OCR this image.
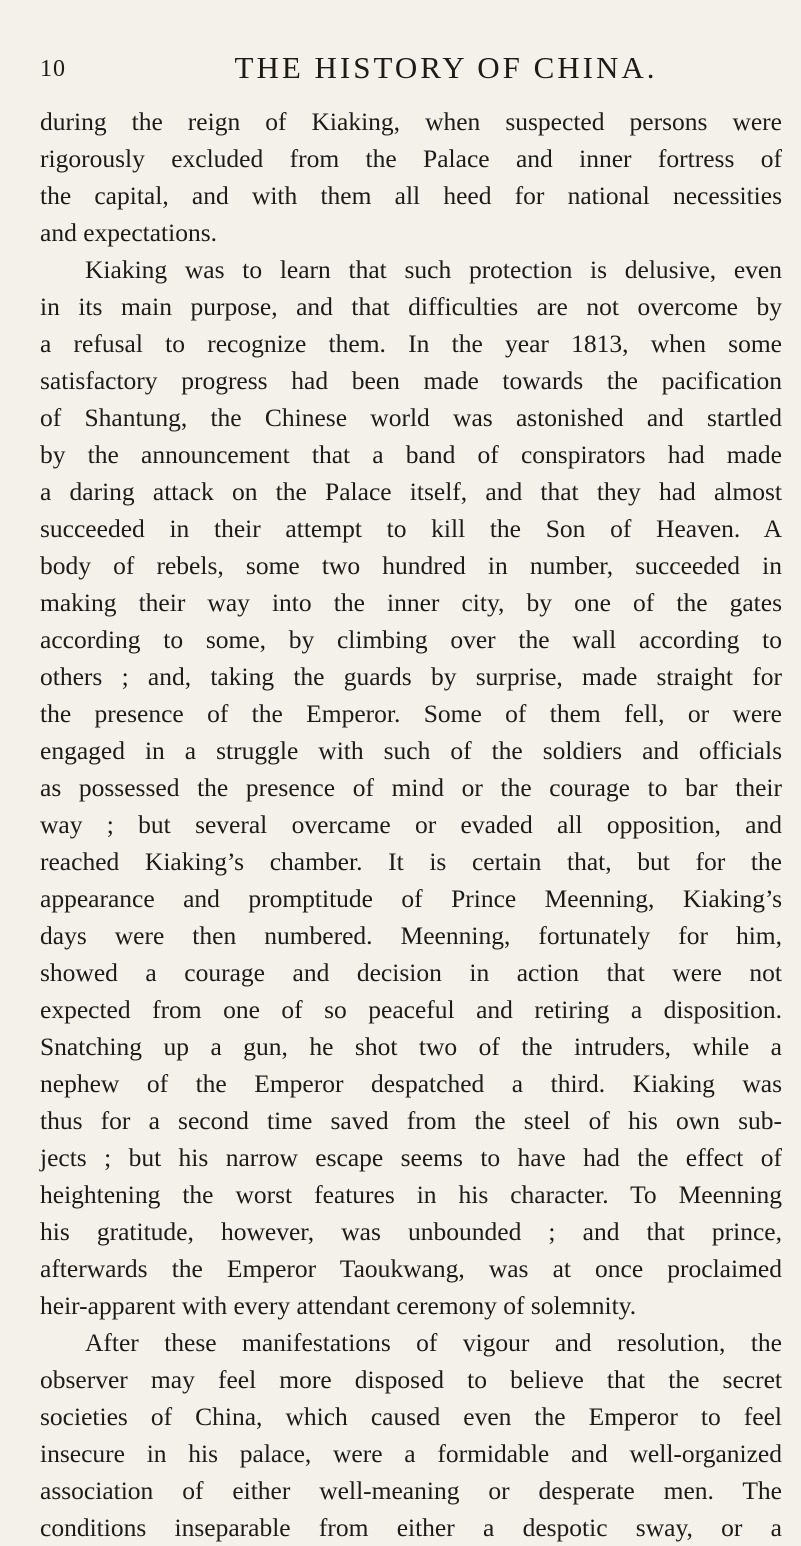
10	THE HISTORY OF CHINA.
during the reign of Kiaking, when suspected persons were
rigorously excluded from the Palace and inner fortress of
the capital, and with them all heed for national necessities
and expectations.
Kiaking was to learn that such protection is delusive, even
in its main purpose, and that difficulties are not overcome by
a refusal to recognize them. In the year 1813, when some
satisfactory progress had been made towards the pacification
of Shantung, the Chinese world was astonished and startled
by the announcement that a band of conspirators had made
a daring attack on the Palace itself, and that they had almost
succeeded in their attempt to kill the Son of Heaven. A
body of rebels, some two hundred in number, succeeded in
making their way into the inner city, by one of the gates
according to some, by climbing over the wall according to
others ; and, taking the guards by surprise, made straight for
the presence of the Emperor. Some of them fell, or were
engaged in a struggle with such of the soldiers and officials
as possessed the presence of mind or the courage to bar their
way ; but several overcame or evaded all opposition, and
reached Kiaking’s chamber. It is certain that, but for the
appearance and promptitude of Prince Meenning, Kiaking’s
days were then numbered. Meenning, fortunately for him,
showed a courage and decision in action that were not
expected from one of so peaceful and retiring a disposition.
Snatching up a gun, he shot two of the intruders, while a
nephew of the Emperor despatched a third. Kiaking was
thus for a second time saved from the steel of his own sub-
jects ; but his narrow escape seems to have had the effect of
heightening the worst features in his character. To Meenning
his gratitude, however, was unbounded ; and that prince,
afterwards the Emperor Taoukwang, was at once proclaimed
heir-apparent with every attendant ceremony of solemnity.
After these manifestations of vigour and resolution, the
observer may feel more disposed to believe that the secret
societies of China, which caused even the Emperor to feel
insecure in his palace, were a formidable and well-organized
association of either well-meaning or desperate men. The
conditions inseparable from either a despotic sway, or a
